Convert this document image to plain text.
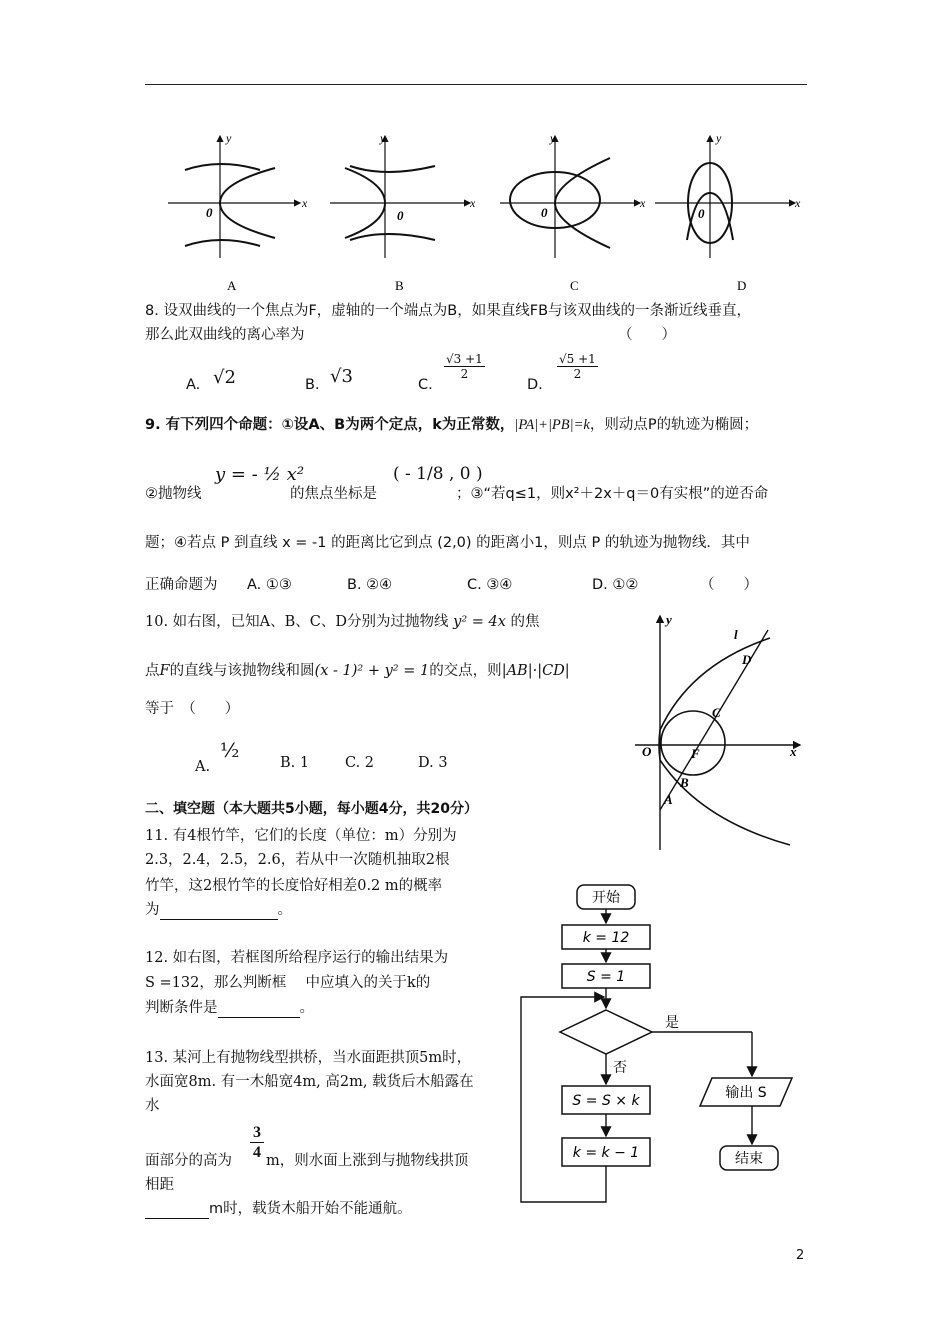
y
x
0
A
y
x
0
B
y
x
0
C
y
x
0
D
8. 设双曲线的一个焦点为F，虚轴的一个端点为B，如果直线FB与该双曲线的一条渐近线垂直，
那么此双曲线的离心率为	（　　）
A. √2	B. √3	C.
$\frac{√3 +1}{2}$
D.
$\frac{√5 +1}{2}$
9. 有下列四个命题：①设A、B为两个定点，k为正常数，|PA|+|PB|=k，则动点P的轨迹为椭圆；
②抛物线
y = - ½ x²
的焦点坐标是
( - 1/8 , 0 )
；③“若q≤1，则x²＋2x＋q＝0有实根”的逆否命
题；④若点 P 到直线 x = -1 的距离比它到点 (2,0) 的距离小1，则点 P 的轨迹为抛物线．其中
正确命题为 A. ①③	B. ②④	C. ③④	D. ①②	（　　）
10. 如右图，已知A、B、C、D分别为过抛物线 y² = 4x 的焦
点F的直线与该抛物线和圆(x - 1)² + y² = 1的交点，则|AB|·|CD|
等于　（　　）
A.
½
B. 1 C. 2	D. 3
y
x
l
D
C
O	F
B
A
二、填空题（本大题共5小题，每小题4分，共20分）
11. 有4根竹竿，它们的长度（单位：m）分别为
2.3，2.4，2.5，2.6，若从中一次随机抽取2根
竹竿，这2根竹竿的长度恰好相差0.2 m的概率
为	。
12. 如右图，若框图所给程序运行的输出结果为
S =132，那么判断框　 中应填入的关于k的
判断条件是	。
13. 某河上有抛物线型拱桥，当水面距拱顶5m时，
水面宽8m. 有一木船宽4m, 高2m, 载货后木船露在
水
面部分的高为 $\frac{3}{4}$ m，则水面上涨到与抛物线拱顶
相距
m时，载货木船开始不能通航。
开始
k = 12
S = 1
是
否
S = S × k
k = k − 1
输出 S
结束
2
